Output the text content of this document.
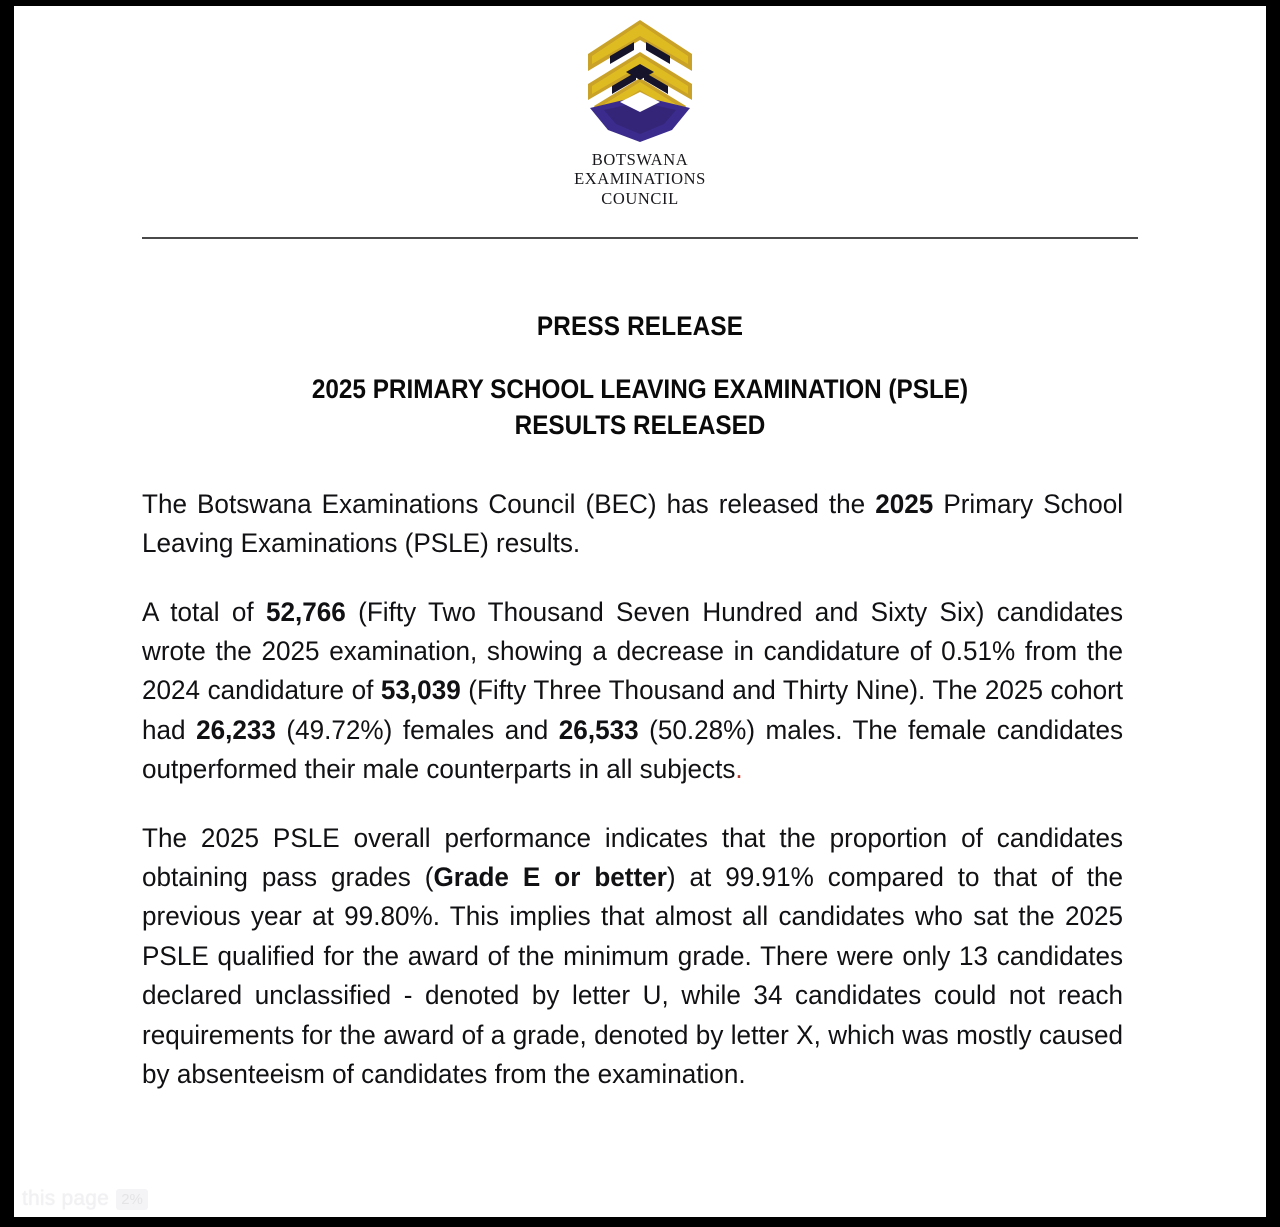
BOTSWANA
EXAMINATIONS
COUNCIL
PRESS RELEASE
2025 PRIMARY SCHOOL LEAVING EXAMINATION (PSLE)
RESULTS RELEASED

The Botswana Examinations Council (BEC) has released the 2025 Primary School Leaving Examinations (PSLE) results.

A total of 52,766 (Fifty Two Thousand Seven Hundred and Sixty Six) candidates wrote the 2025 examination, showing a decrease in candidature of 0.51% from the 2024 candidature of 53,039 (Fifty Three Thousand and Thirty Nine). The 2025 cohort had 26,233 (49.72%) females and 26,533 (50.28%) males. The female candidates outperformed their male counterparts in all subjects.

The 2025 PSLE overall performance indicates that the proportion of candidates obtaining pass grades (Grade E or better) at 99.91% compared to that of the previous year at 99.80%. This implies that almost all candidates who sat the 2025 PSLE qualified for the award of the minimum grade. There were only 13 candidates declared unclassified - denoted by letter U, while 34 candidates could not reach requirements for the award of a grade, denoted by letter X, which was mostly caused by absenteeism of candidates from the examination.

this page 2%
